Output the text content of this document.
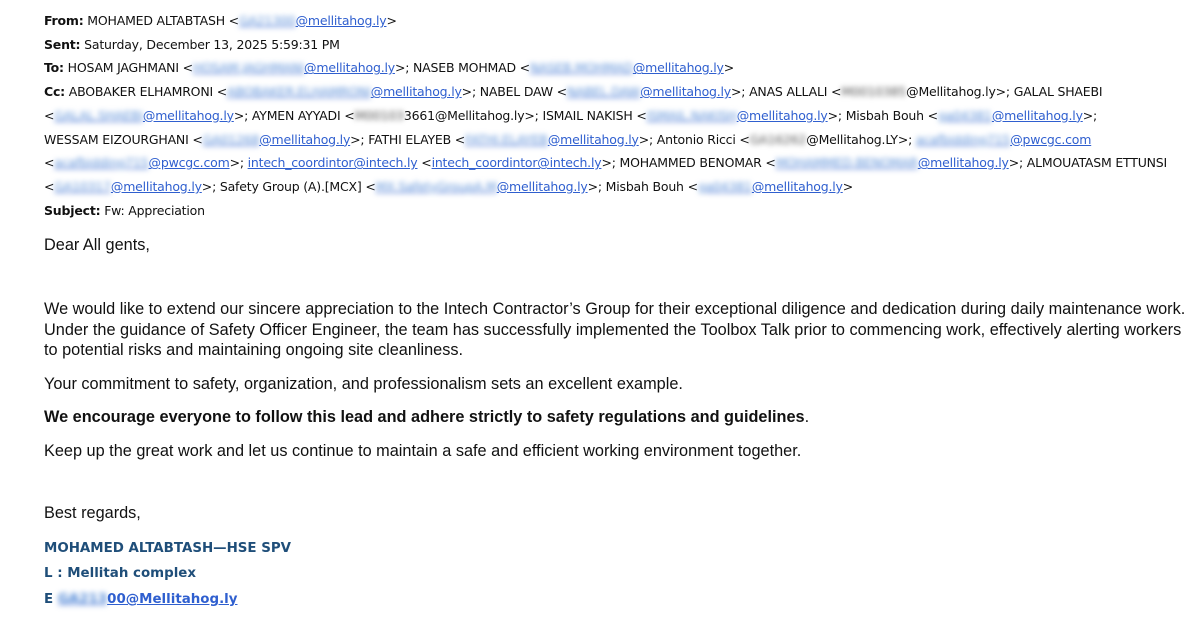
From: MOHAMED ALTABTASH <GA21300@mellitahog.ly>
Sent: Saturday, December 13, 2025 5:59:31 PM
To: HOSAM JAGHMANI <HOSAM.JAGHMANI@mellitahog.ly>; NASEB MOHMAD <NASEB.MOHMAD@mellitahog.ly>
Cc: ABOBAKER ELHAMRONI <ABOBAKER.ELHAMRONI@mellitahog.ly>; NABEL DAW <NABEL.DAW@mellitahog.ly>; ANAS ALLALI <M0010385@Mellitahog.ly>; GALAL SHAEBI
<GALAL.SHAEBI@mellitahog.ly>; AYMEN AYYADI <M001033661@Mellitahog.ly>; ISMAIL NAKISH <ISMAIL.NAKISH@mellitahog.ly>; Misbah Bouh <ga04381@mellitahog.ly>;
WESSAM EIZOURGHANI <GA01268@mellitahog.ly>; FATHI ELAYEB <FATHI.ELAYEB@mellitahog.ly>; Antonio Ricci <GA16262@Mellitahog.LY>; acafbidding715@pwcgc.com
<acafbidding715@pwcgc.com>; intech_coordintor@intech.ly <intech_coordintor@intech.ly>; MOHAMMED BENOMAR <MOHAMMED.BENOMAR@mellitahog.ly>; ALMOUATASM ETTUNSI <GA10317@mellitahog.ly>; Safety Group (A).[MCX] <MX.SafetyGroupA.M@mellitahog.ly>; Misbah Bouh <ga04381@mellitahog.ly>
Subject: Fw: Appreciation

Dear All gents,

We would like to extend our sincere appreciation to the Intech Contractor’s Group for their exceptional diligence and dedication during daily maintenance work. Under the guidance of Safety Officer Engineer, the team has successfully implemented the Toolbox Talk prior to commencing work, effectively alerting workers to potential risks and maintaining ongoing site cleanliness.

Your commitment to safety, organization, and professionalism sets an excellent example.

We encourage everyone to follow this lead and adhere strictly to safety regulations and guidelines.

Keep up the great work and let us continue to maintain a safe and efficient working environment together.

Best regards,

MOHAMED ALTABTASH—HSE SPV
L : Mellitah complex
E GA21300@Mellitahog.ly
